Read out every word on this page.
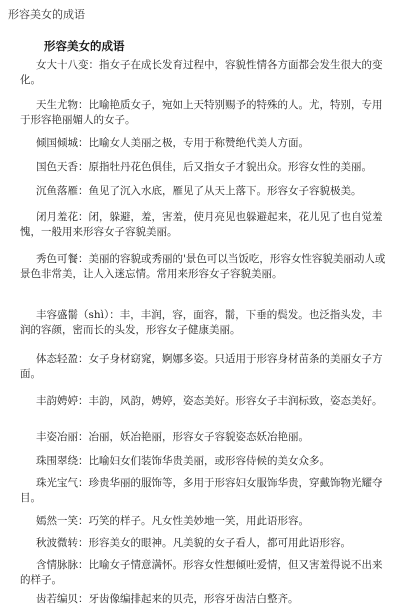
形容美女的成语
形容美女的成语

女大十八变：指女子在成长发育过程中，容貌性情各方面都会发生很大的变化。

天生尤物：比喻艳质女子，宛如上天特别赐予的特殊的人。尤，特别，专用于形容艳丽媚人的女子。

倾国倾城：比喻女人美丽之极，专用于称赞绝代美人方面。

国色天香：原指牡丹花色俱佳，后又指女子才貌出众。形容女性的美丽。

沉鱼落雁：鱼见了沉入水底，雁见了从天上落下。形容女子容貌极美。

闭月羞花：闭，躲避，羞，害羞，使月亮见也躲避起来，花儿见了也自觉羞愧，一般用来形容女子容貌美丽。

秀色可餐：美丽的容貌或秀丽的'景色可以当饭吃，形容女性容貌美丽动人或景色非常美，让人入迷忘情。常用来形容女子容貌美丽。

丰容盛鬋（shì）：丰，丰润，容，面容，鬋，下垂的鬓发。也泛指头发，丰润的容颜，密而长的头发，形容女子健康美丽。

体态轻盈：女子身材窈窕，婀娜多姿。只适用于形容身材苗条的美丽女子方面。

丰韵娉婷：丰韵，风韵，娉婷，姿态美好。形容女子丰润标致，姿态美好。

丰姿冶丽：冶丽，妖冶艳丽，形容女子容貌姿态妖冶艳丽。

珠围翠绕：比喻妇女们装饰华贵美丽，或形容侍候的美女众多。

珠光宝气：珍贵华丽的服饰等，多用于形容妇女服饰华贵，穿戴饰物光耀夺目。

嫣然一笑：巧笑的样子。凡女性美妙地一笑，用此语形容。

秋波微转：形容美女的眼神。凡美貌的女子看人，都可用此语形容。

含情脉脉：比喻女子情意满怀。形容女性想倾吐爱情，但又害羞得说不出来的样子。

齿若编贝：牙齿像编排起来的贝壳，形容牙齿洁白整齐。
